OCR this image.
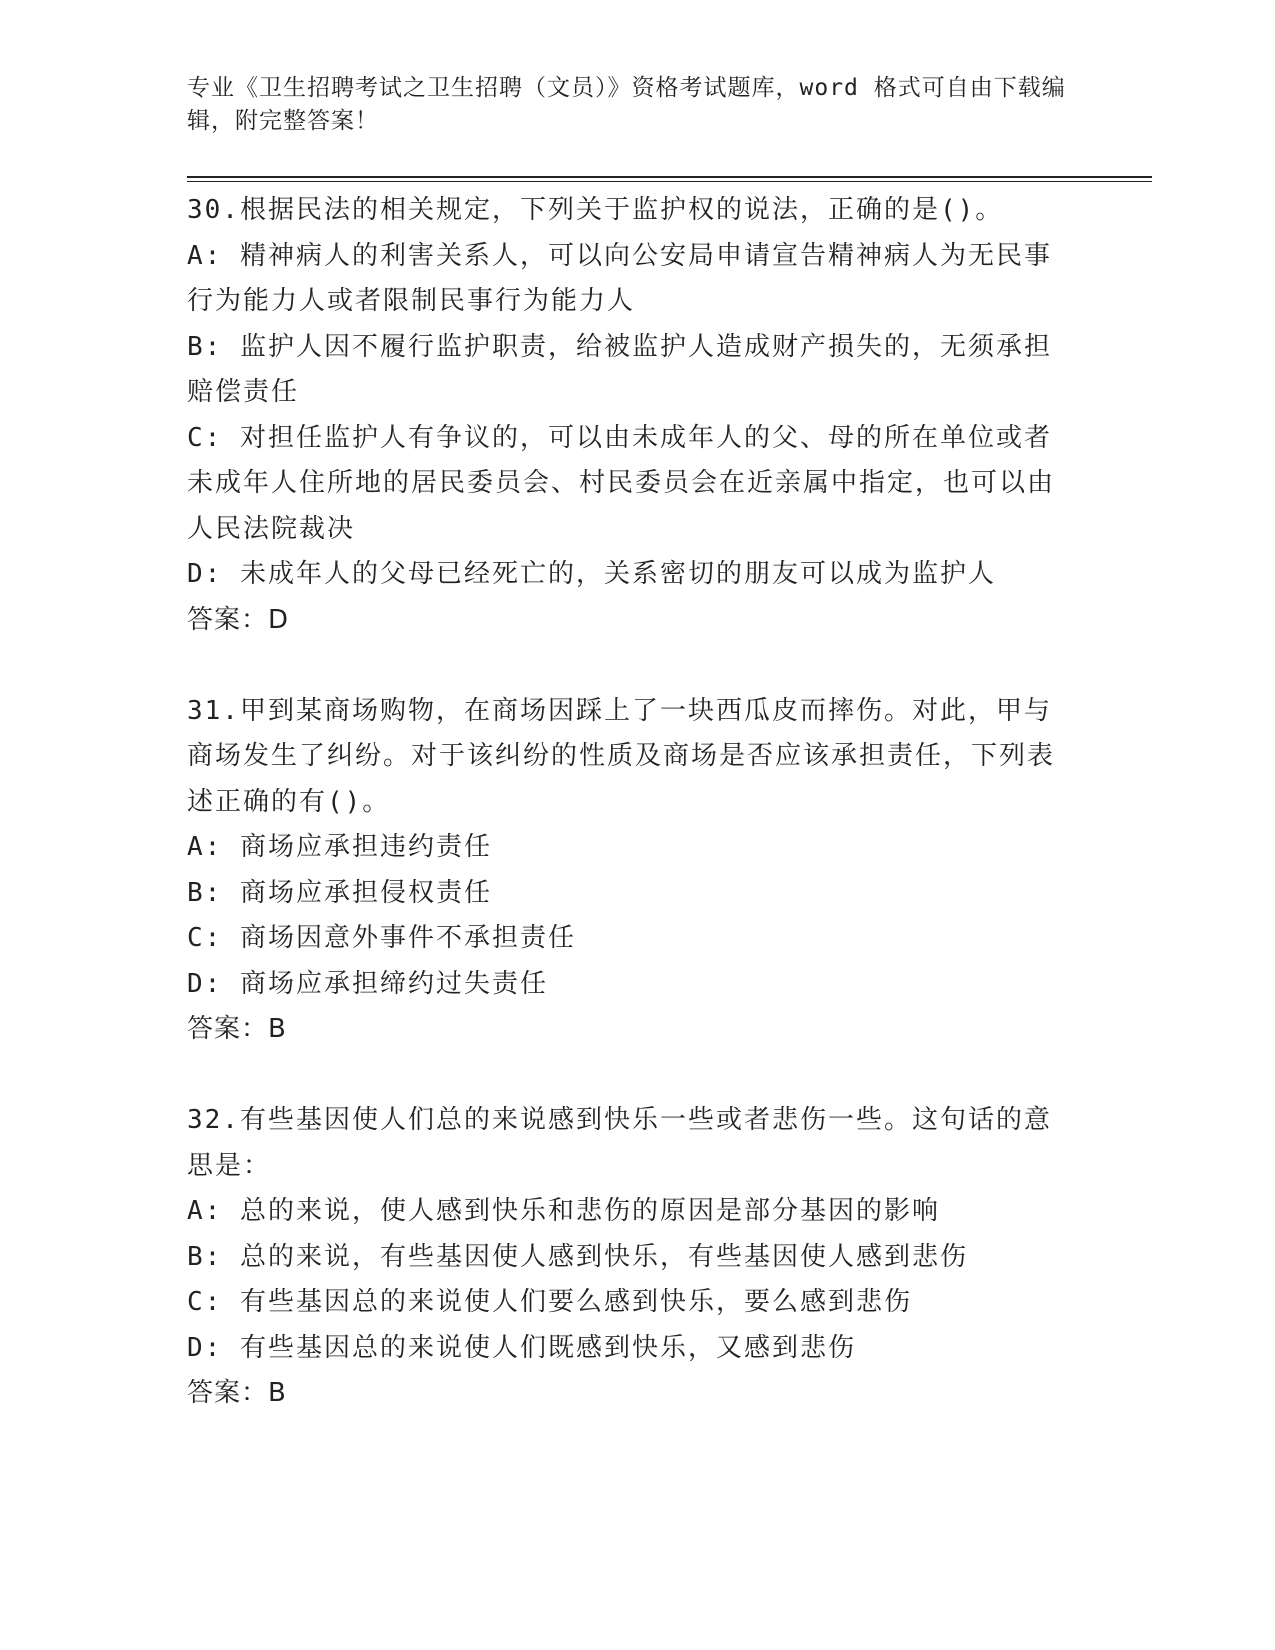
专业《卫生招聘考试之卫生招聘（文员）》资格考试题库，word 格式可自由下载编辑，附完整答案！
30.根据民法的相关规定，下列关于监护权的说法，正确的是()。
A: 精神病人的利害关系人，可以向公安局申请宣告精神病人为无民事行为能力人或者限制民事行为能力人
B: 监护人因不履行监护职责，给被监护人造成财产损失的，无须承担赔偿责任
C: 对担任监护人有争议的，可以由未成年人的父、母的所在单位或者未成年人住所地的居民委员会、村民委员会在近亲属中指定，也可以由人民法院裁决
D: 未成年人的父母已经死亡的，关系密切的朋友可以成为监护人
答案：D
31.甲到某商场购物，在商场因踩上了一块西瓜皮而摔伤。对此，甲与商场发生了纠纷。对于该纠纷的性质及商场是否应该承担责任，下列表述正确的有()。
A: 商场应承担违约责任
B: 商场应承担侵权责任
C: 商场因意外事件不承担责任
D: 商场应承担缔约过失责任
答案：B
32.有些基因使人们总的来说感到快乐一些或者悲伤一些。这句话的意思是：
A: 总的来说，使人感到快乐和悲伤的原因是部分基因的影响
B: 总的来说，有些基因使人感到快乐，有些基因使人感到悲伤
C: 有些基因总的来说使人们要么感到快乐，要么感到悲伤
D: 有些基因总的来说使人们既感到快乐，又感到悲伤
答案：B
